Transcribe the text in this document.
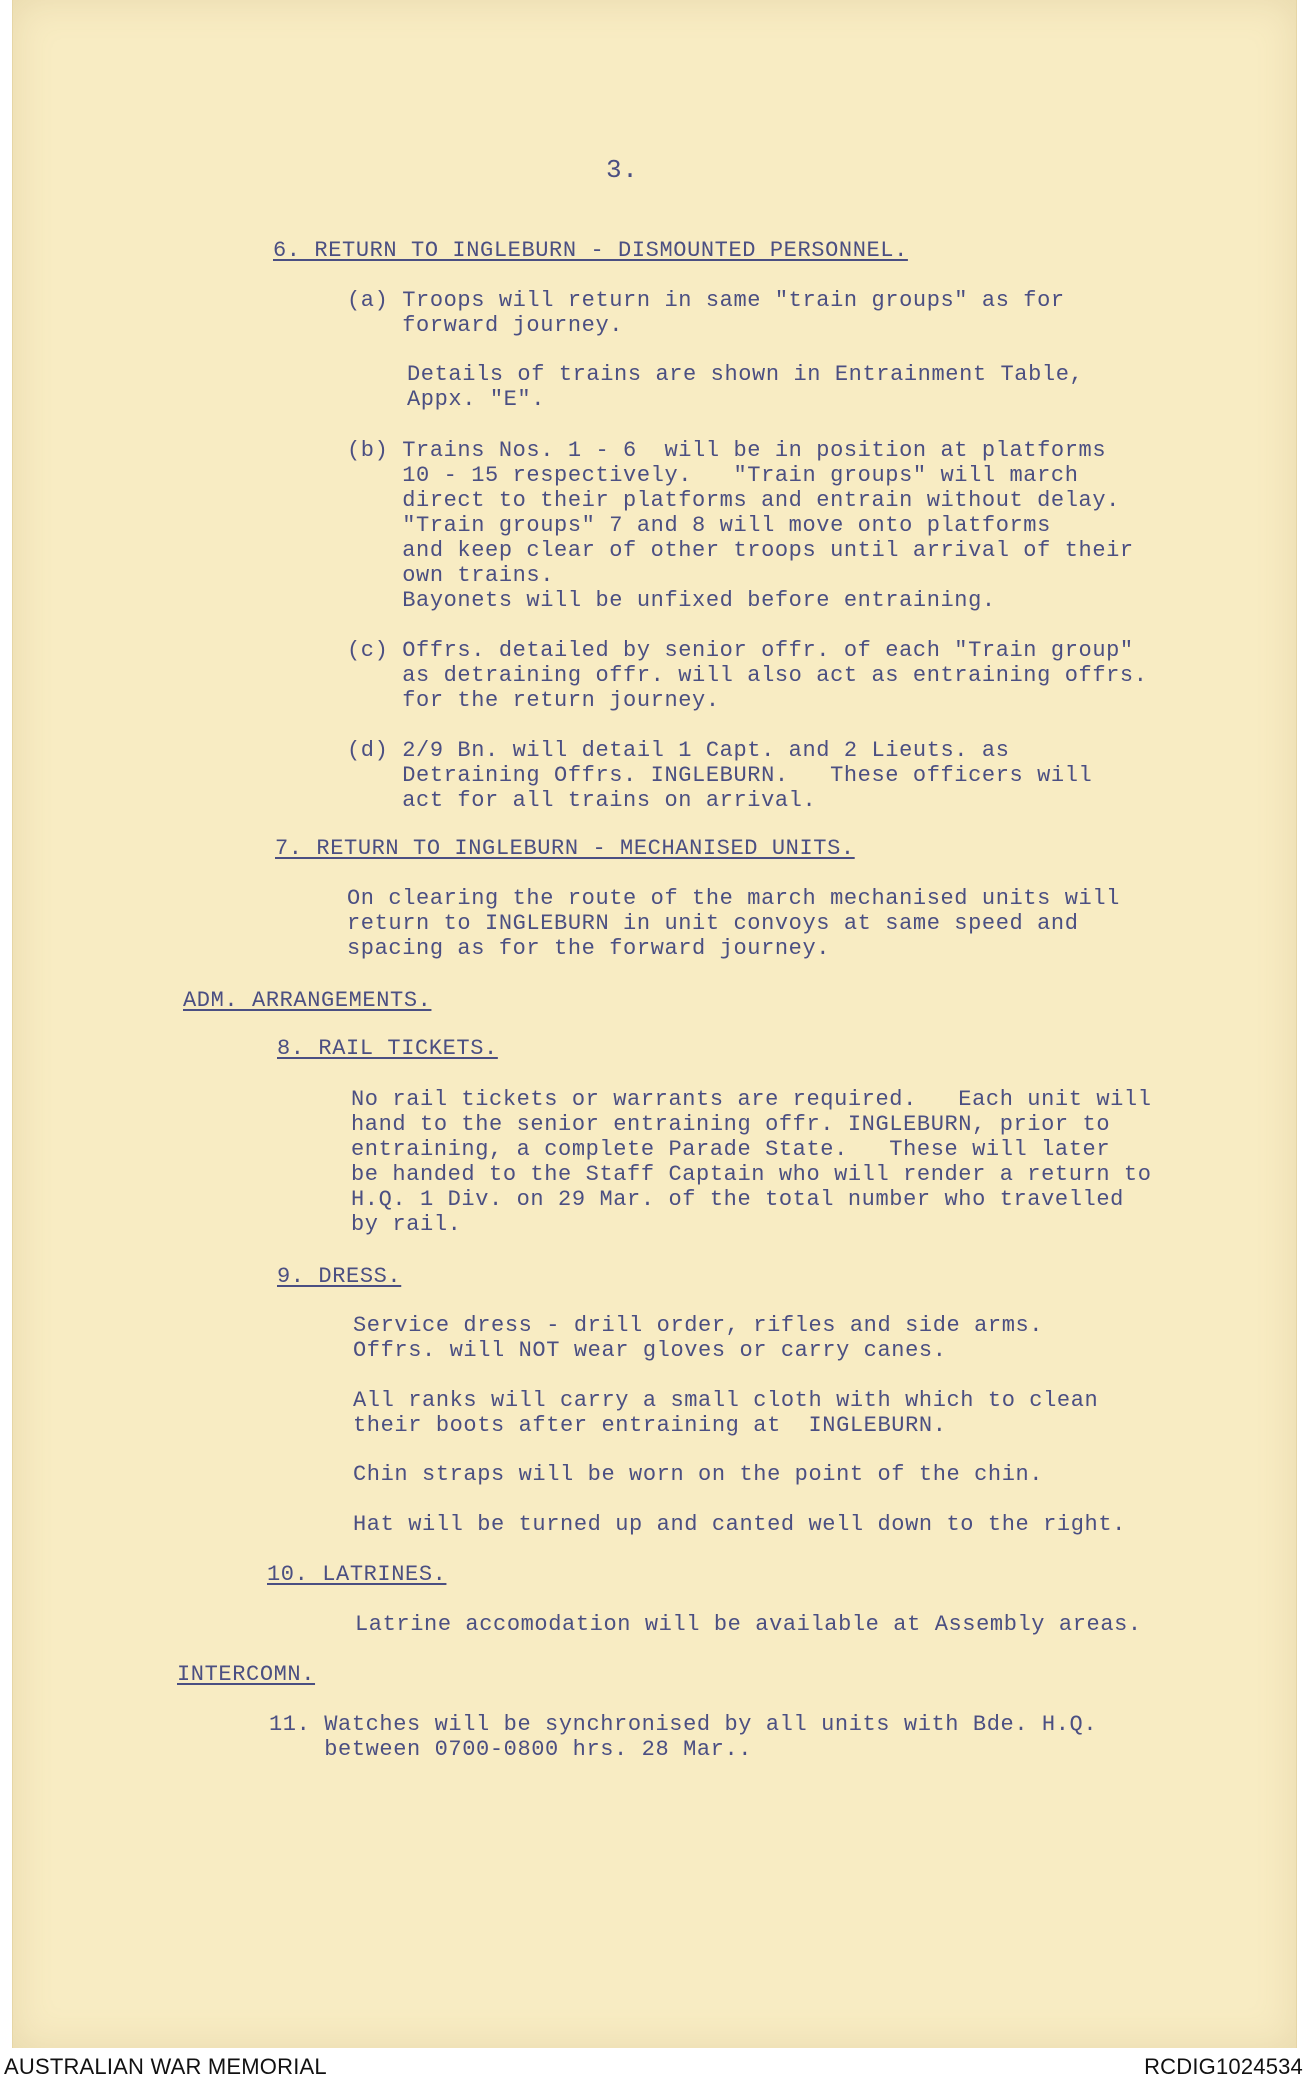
3.
6. RETURN TO INGLEBURN - DISMOUNTED PERSONNEL.
(a) Troops will return in same "train groups" as for
forward journey.
Details of trains are shown in Entrainment Table,
Appx. "E".
(b) Trains Nos. 1 - 6  will be in position at platforms
10 - 15 respectively.   "Train groups" will march
direct to their platforms and entrain without delay.
"Train groups" 7 and 8 will move onto platforms
and keep clear of other troops until arrival of their
own trains.
Bayonets will be unfixed before entraining.
(c) Offrs. detailed by senior offr. of each "Train group"
as detraining offr. will also act as entraining offrs.
for the return journey.
(d) 2/9 Bn. will detail 1 Capt. and 2 Lieuts. as
Detraining Offrs. INGLEBURN.   These officers will
act for all trains on arrival.
7. RETURN TO INGLEBURN - MECHANISED UNITS.
On clearing the route of the march mechanised units will
return to INGLEBURN in unit convoys at same speed and
spacing as for the forward journey.
ADM. ARRANGEMENTS.
8. RAIL TICKETS.
No rail tickets or warrants are required.   Each unit will
hand to the senior entraining offr. INGLEBURN, prior to
entraining, a complete Parade State.   These will later
be handed to the Staff Captain who will render a return to
H.Q. 1 Div. on 29 Mar. of the total number who travelled
by rail.
9. DRESS.
Service dress - drill order, rifles and side arms.
Offrs. will NOT wear gloves or carry canes.
All ranks will carry a small cloth with which to clean
their boots after entraining at  INGLEBURN.
Chin straps will be worn on the point of the chin.
Hat will be turned up and canted well down to the right.
10. LATRINES.
Latrine accomodation will be available at Assembly areas.
INTERCOMN.
11. Watches will be synchronised by all units with Bde. H.Q.
between 0700-0800 hrs. 28 Mar..
AUSTRALIAN WAR MEMORIAL	RCDIG1024534
